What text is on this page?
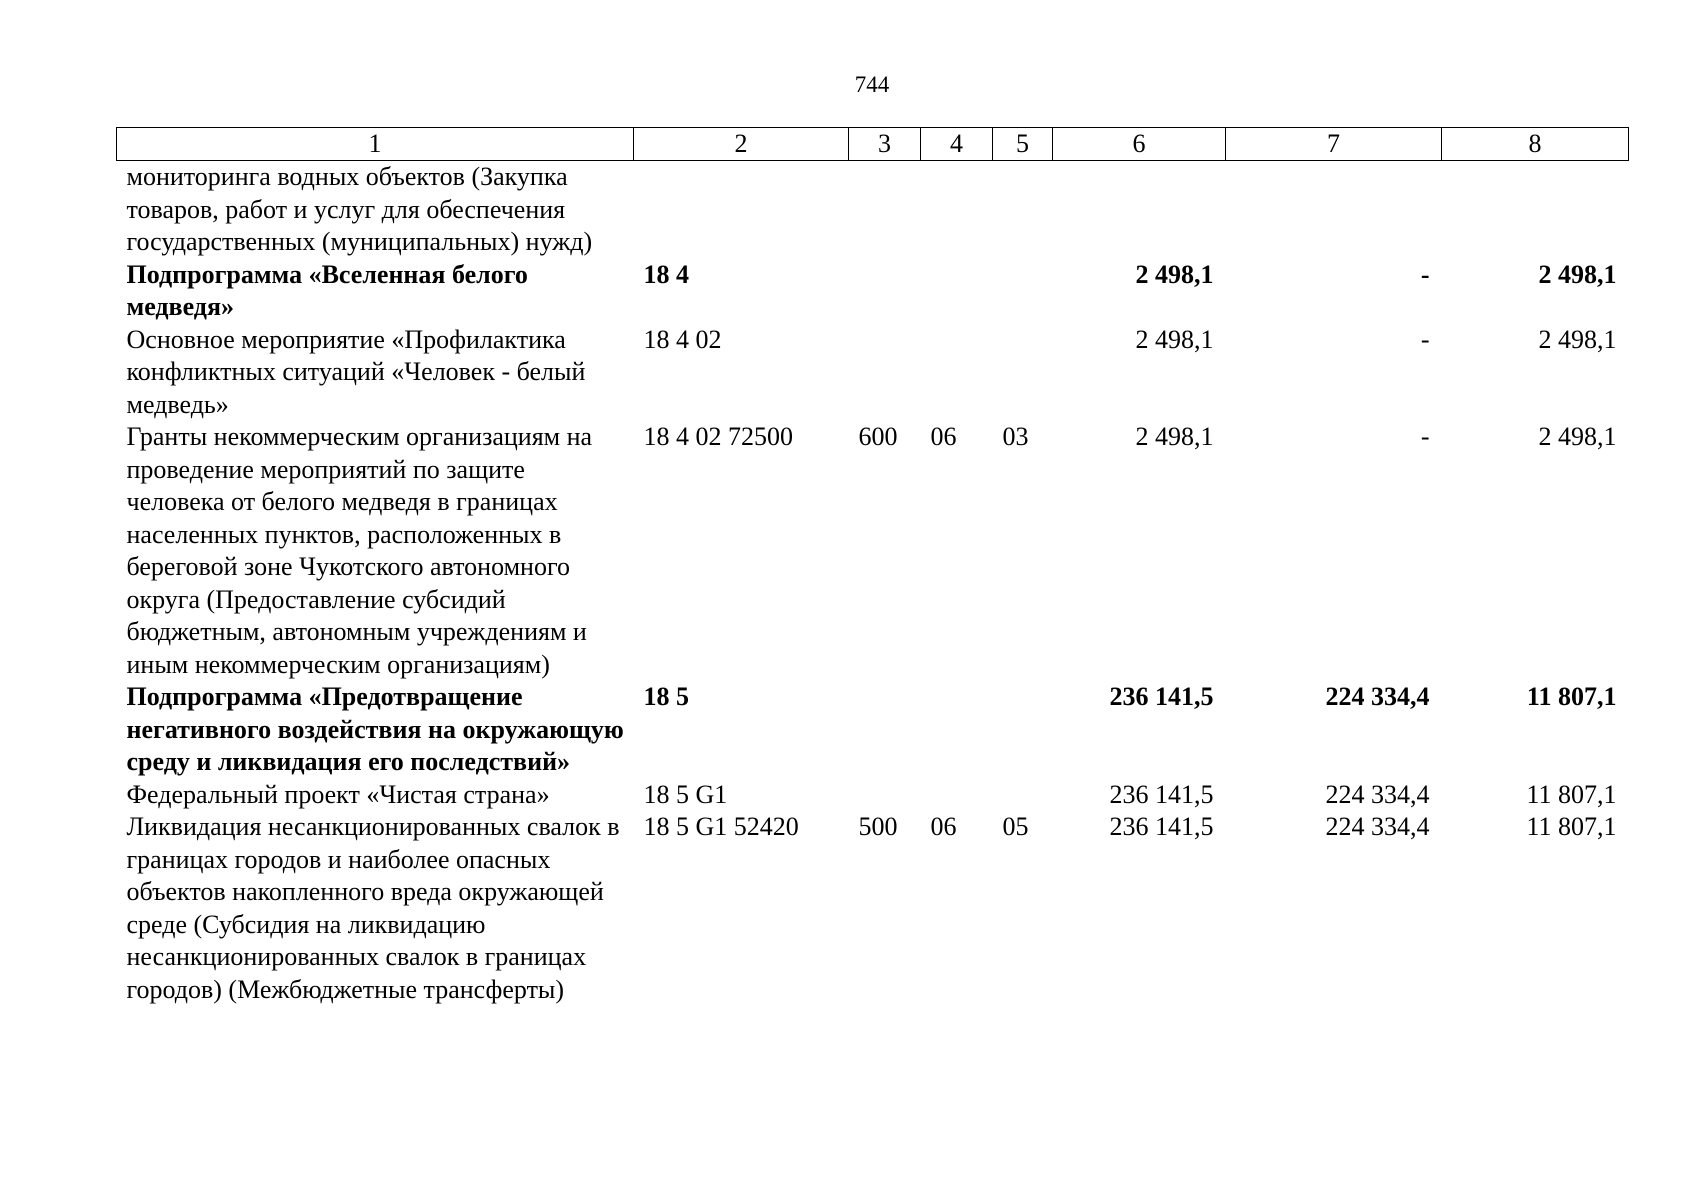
744
1	2	3	4	5	6	7	8
мониторинга водных объектов (Закупка товаров, работ и услуг для обеспечения государственных (муниципальных) нужд)							
Подпрограмма «Вселенная белого медведя»	18 4				2 498,1	-	2 498,1
Основное мероприятие «Профилактика конфликтных ситуаций «Человек - белый медведь»	18 4 02				2 498,1	-	2 498,1
Гранты некоммерческим организациям на проведение мероприятий по защите человека от белого медведя в границах населенных пунктов, расположенных в береговой зоне Чукотского автономного округа (Предоставление субсидий бюджетным, автономным учреждениям и иным некоммерческим организациям)	18 4 02 72500	600	06	03	2 498,1	-	2 498,1
Подпрограмма «Предотвращение негативного воздействия на окружающую среду и ликвидация его последствий»	18 5				236 141,5	224 334,4	11 807,1
Федеральный проект «Чистая страна»	18 5 G1				236 141,5	224 334,4	11 807,1
Ликвидация несанкционированных свалок в границах городов и наиболее опасных объектов накопленного вреда окружающей среде (Субсидия на ликвидацию несанкционированных свалок в границах городов) (Межбюджетные трансферты)	18 5 G1 52420	500	06	05	236 141,5	224 334,4	11 807,1
